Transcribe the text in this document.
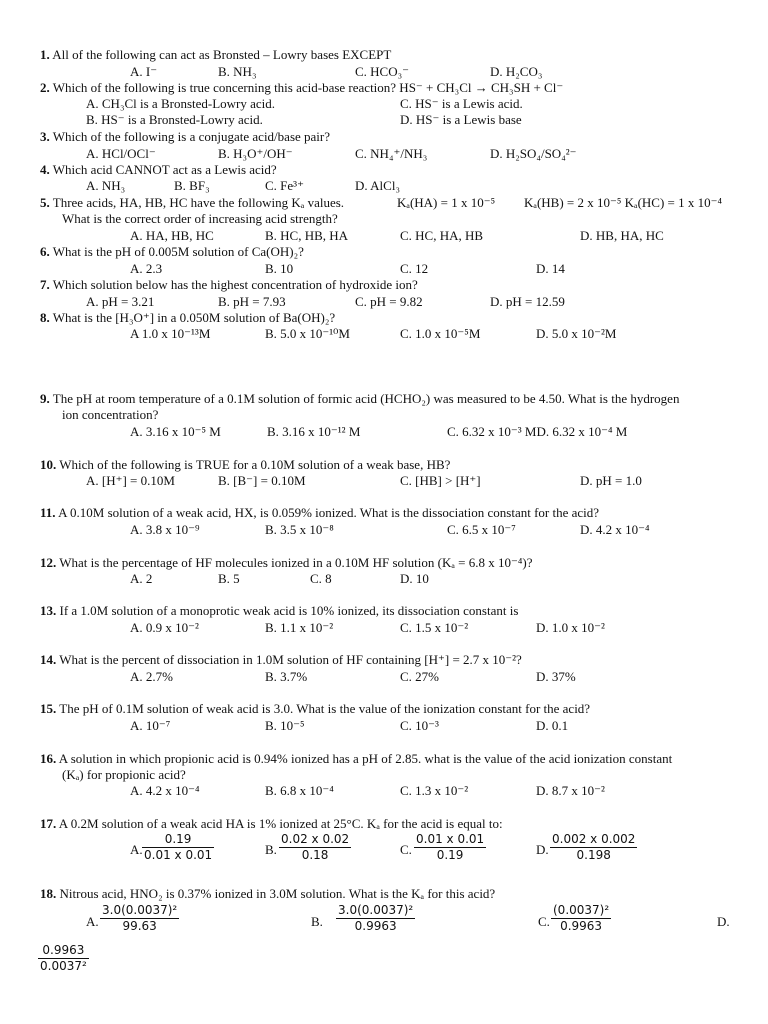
1. All of the following can act as Bronsted – Lowry bases EXCEPT
A. I⁻	B. NH₃	C. HCO₃⁻	D. H₂CO₃
2. Which of the following is true concerning this acid-base reaction? HS⁻ + CH₃Cl → CH₃SH + Cl⁻
A. CH₃Cl is a Bronsted-Lowry acid.	C. HS⁻ is a Lewis acid.
B. HS⁻ is a Bronsted-Lowry acid.	D. HS⁻ is a Lewis base
3. Which of the following is a conjugate acid/base pair?
A. HCl/OCl⁻	B. H₃O⁺/OH⁻	C. NH₄⁺/NH₃	D. H₂SO₄/SO₄²⁻
4. Which acid CANNOT act as a Lewis acid?
A. NH₃	B. BF₃	C. Fe³⁺	D. AlCl₃
5. Three acids, HA, HB, HC have the following Kₐ values.	Kₐ(HA) = 1 x 10⁻⁵ Kₐ(HB) = 2 x 10⁻⁵ Kₐ(HC) = 1 x 10⁻⁴
What is the correct order of increasing acid strength?
A. HA, HB, HC	B. HC, HB, HA	C. HC, HA, HB	D. HB, HA, HC
6. What is the pH of 0.005M solution of Ca(OH)₂?
A. 2.3	B. 10	C. 12	D. 14
7. Which solution below has the highest concentration of hydroxide ion?
A. pH = 3.21	B. pH = 7.93	C. pH = 9.82	D. pH = 12.59
8. What is the [H₃O⁺] in a 0.050M solution of Ba(OH)₂?
A 1.0 x 10⁻¹³M	B. 5.0 x 10⁻¹⁰M	C. 1.0 x 10⁻⁵M	D. 5.0 x 10⁻²M
9. The pH at room temperature of a 0.1M solution of formic acid (HCHO₂) was measured to be 4.50. What is the hydrogen
ion concentration?
A. 3.16 x 10⁻⁵ M	B. 3.16 x 10⁻¹² M	C. 6.32 x 10⁻³ MD. 6.32 x 10⁻⁴ M
10. Which of the following is TRUE for a 0.10M solution of a weak base, HB?
A. [H⁺] = 0.10M	B. [B⁻] = 0.10M	C. [HB] > [H⁺]	D. pH = 1.0
11. A 0.10M solution of a weak acid, HX, is 0.059% ionized. What is the dissociation constant for the acid?
A. 3.8 x 10⁻⁹	B. 3.5 x 10⁻⁸	C. 6.5 x 10⁻⁷	D. 4.2 x 10⁻⁴
12. What is the percentage of HF molecules ionized in a 0.10M HF solution (Kₐ = 6.8 x 10⁻⁴)?
A. 2	B. 5	C. 8	D. 10
13. If a 1.0M solution of a monoprotic weak acid is 10% ionized, its dissociation constant is
A. 0.9 x 10⁻²	B. 1.1 x 10⁻²	C. 1.5 x 10⁻²	D. 1.0 x 10⁻²
14. What is the percent of dissociation in 1.0M solution of HF containing [H⁺] = 2.7 x 10⁻²?
A. 2.7%	B. 3.7%	C. 27%	D. 37%
15. The pH of 0.1M solution of weak acid is 3.0. What is the value of the ionization constant for the acid?
A. 10⁻⁷	B. 10⁻⁵	C. 10⁻³	D. 0.1
16. A solution in which propionic acid is 0.94% ionized has a pH of 2.85. what is the value of the acid ionization constant
(Kₐ) for propionic acid?
A. 4.2 x 10⁻⁴	B. 6.8 x 10⁻⁴	C. 1.3 x 10⁻²	D. 8.7 x 10⁻²
17. A 0.2M solution of a weak acid HA is 1% ionized at 25°C. Kₐ for the acid is equal to:
A. $\frac{0.19}{0.01 x 0.01}$	B. $\frac{0.02 x 0.02}{0.18}$	C. $\frac{0.01 x 0.01}{0.19}$	D. $\frac{0.002 x 0.002}{0.198}$
18. Nitrous acid, HNO₂ is 0.37% ionized in 3.0M solution. What is the Kₐ for this acid?
A. $\frac{\text{3.0(0.0037)²}}{99.63}$	B. $\frac{\text{3.0(0.0037)²}}{0.9963}$	C. $\frac{\text{(0.0037)²}}{0.9963}$	D.
$\frac{0.9963}{\text{0.0037²}}$
